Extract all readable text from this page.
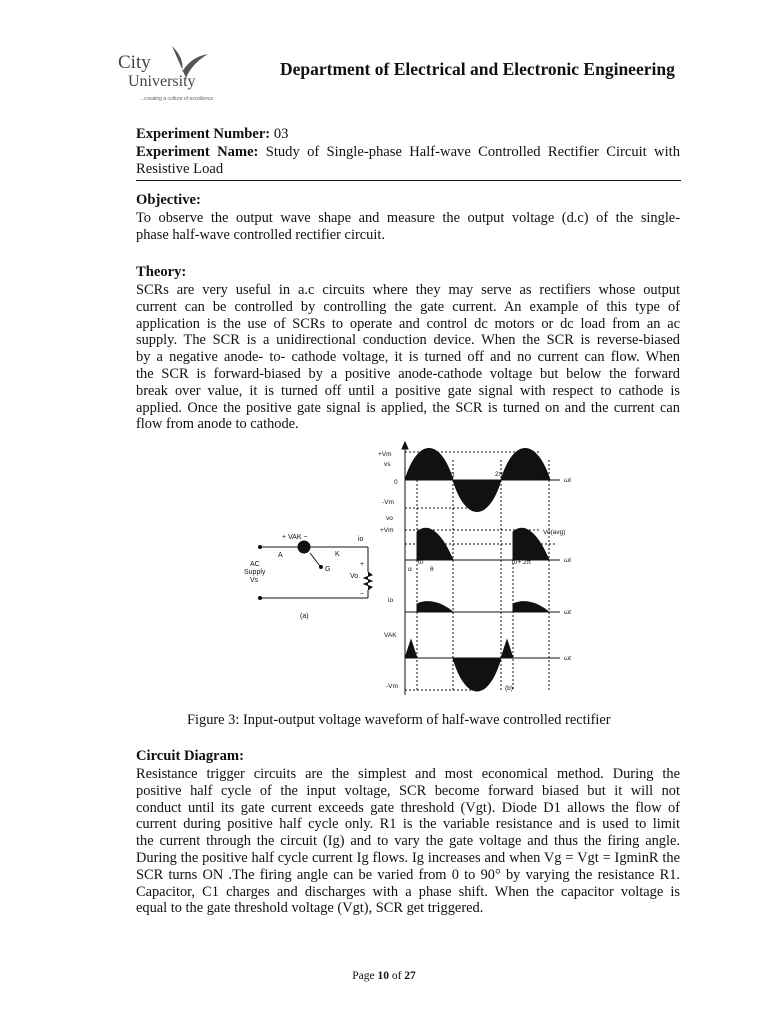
City
University
...creating a culture of excellence
Department of Electrical and Electronic Engineering
Experiment Number: 03
Experiment Name: Study of Single-phase Half-wave Controlled Rectifier Circuit with
Resistive Load
Objective:
To observe the output wave shape and measure the output voltage (d.c) of the single-
phase half-wave controlled rectifier circuit.
Theory:
SCRs are very useful in a.c circuits where they may serve as rectifiers whose output
current can be controlled by controlling the gate current. An example of this type of
application is the use of SCRs to operate and control dc motors or dc load from an ac
supply. The SCR is a unidirectional conduction device. When the SCR is reverse-biased
by a negative anode- to- cathode voltage, it is turned off and no current can flow. When
the SCR is forward-biased by a positive anode-cathode voltage but below the forward
break over value, it is turned off until a positive gate signal with respect to cathode is
applied. Once the positive gate signal is applied, the SCR is turned on and the current can
flow from anode to cathode.
+ VAK −
A	K
G
io
AC
Supply
Vs
Vo
+
−
(a)
+Vm
vs
0
-Vm
π	2π	3π
ωt
vo
+Vm	Vo(avg)
ωt
α	θ
t0	t0+ 2π
io
ωt
VAK
ωt
-Vm	(b)
Figure 3: Input-output voltage waveform of half-wave controlled rectifier
Circuit Diagram:
Resistance trigger circuits are the simplest and most economical method. During the
positive half cycle of the input voltage, SCR become forward biased but it will not
conduct until its gate current exceeds gate threshold (Vgt). Diode D1 allows the flow of
current during positive half cycle only. R1 is the variable resistance and is used to limit
the current through the circuit (Ig) and to vary the gate voltage and thus the firing angle.
During the positive half cycle current Ig flows. Ig increases and when Vg = Vgt = IgminR the
SCR turns ON .The firing angle can be varied from 0 to 90° by varying the resistance R1.
Capacitor, C1 charges and discharges with a phase shift. When the capacitor voltage is
equal to the gate threshold voltage (Vgt), SCR get triggered.
Page 10 of 27
